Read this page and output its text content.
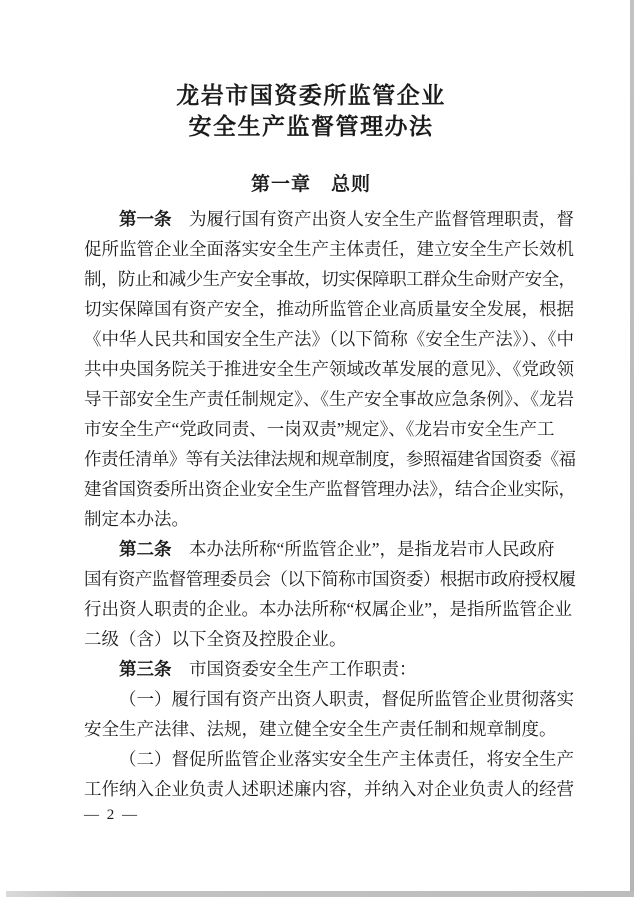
龙岩市国资委所监管企业
安全生产监督管理办法
第一章　总则
第一条　为履行国有资产出资人安全生产监督管理职责，督
促所监管企业全面落实安全生产主体责任，建立安全生产长效机
制，防止和减少生产安全事故，切实保障职工群众生命财产安全，
切实保障国有资产安全，推动所监管企业高质量安全发展，根据
《中华人民共和国安全生产法》（以下简称《安全生产法》）、《中
共中央国务院关于推进安全生产领域改革发展的意见》、《党政领
导干部安全生产责任制规定》、《生产安全事故应急条例》、《龙岩
市安全生产“党政同责、一岗双责”规定》、《龙岩市安全生产工
作责任清单》等有关法律法规和规章制度，参照福建省国资委《福
建省国资委所出资企业安全生产监督管理办法》，结合企业实际，
制定本办法。
第二条　本办法所称“所监管企业”，是指龙岩市人民政府
国有资产监督管理委员会（以下简称市国资委）根据市政府授权履
行出资人职责的企业。本办法所称“权属企业”，是指所监管企业
二级（含）以下全资及控股企业。
第三条　市国资委安全生产工作职责：
（一）履行国有资产出资人职责，督促所监管企业贯彻落实
安全生产法律、法规，建立健全安全生产责任制和规章制度。
（二）督促所监管企业落实安全生产主体责任，将安全生产
工作纳入企业负责人述职述廉内容，并纳入对企业负责人的经营
— 2 —
